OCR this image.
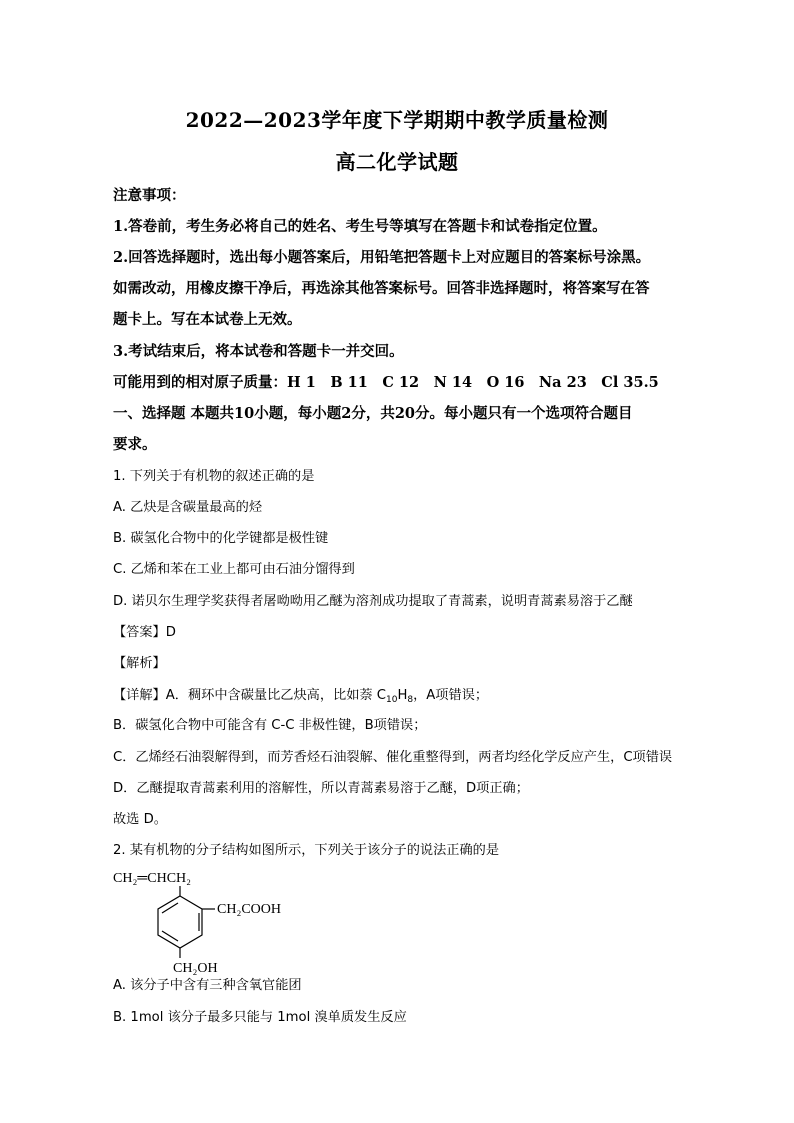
2022—2023学年度下学期期中教学质量检测
高二化学试题
注意事项：
1.答卷前，考生务必将自己的姓名、考生号等填写在答题卡和试卷指定位置。
2.回答选择题时，选出每小题答案后，用铅笔把答题卡上对应题目的答案标号涂黑。
如需改动，用橡皮擦干净后，再选涂其他答案标号。回答非选择题时，将答案写在答
题卡上。写在本试卷上无效。
3.考试结束后，将本试卷和答题卡一并交回。
可能用到的相对原子质量：H 1　B 11　C 12　N 14　O 16　Na 23　Cl 35.5
一、选择题 本题共10小题，每小题2分，共20分。每小题只有一个选项符合题目
要求。
1. 下列关于有机物的叙述正确的是
A. 乙炔是含碳量最高的烃
B. 碳氢化合物中的化学键都是极性键
C. 乙烯和苯在工业上都可由石油分馏得到
D. 诺贝尔生理学奖获得者屠呦呦用乙醚为溶剂成功提取了青蒿素，说明青蒿素易溶于乙醚
【答案】D
【解析】
【详解】A．稠环中含碳量比乙炔高，比如萘 $C_{10}H_8$，A项错误；
B．碳氢化合物中可能含有 C-C 非极性键，B项错误；
C．乙烯经石油裂解得到，而芳香烃石油裂解、催化重整得到，两者均经化学反应产生，C项错误
D．乙醚提取青蒿素利用的溶解性，所以青蒿素易溶于乙醚，D项正确；
故选 D。
2. 某有机物的分子结构如图所示，下列关于该分子的说法正确的是
CH₂═CHCH₂
CH₂COOH
CH₂OH
A. 该分子中含有三种含氧官能团
B. 1mol 该分子最多只能与 1mol 溴单质发生反应
